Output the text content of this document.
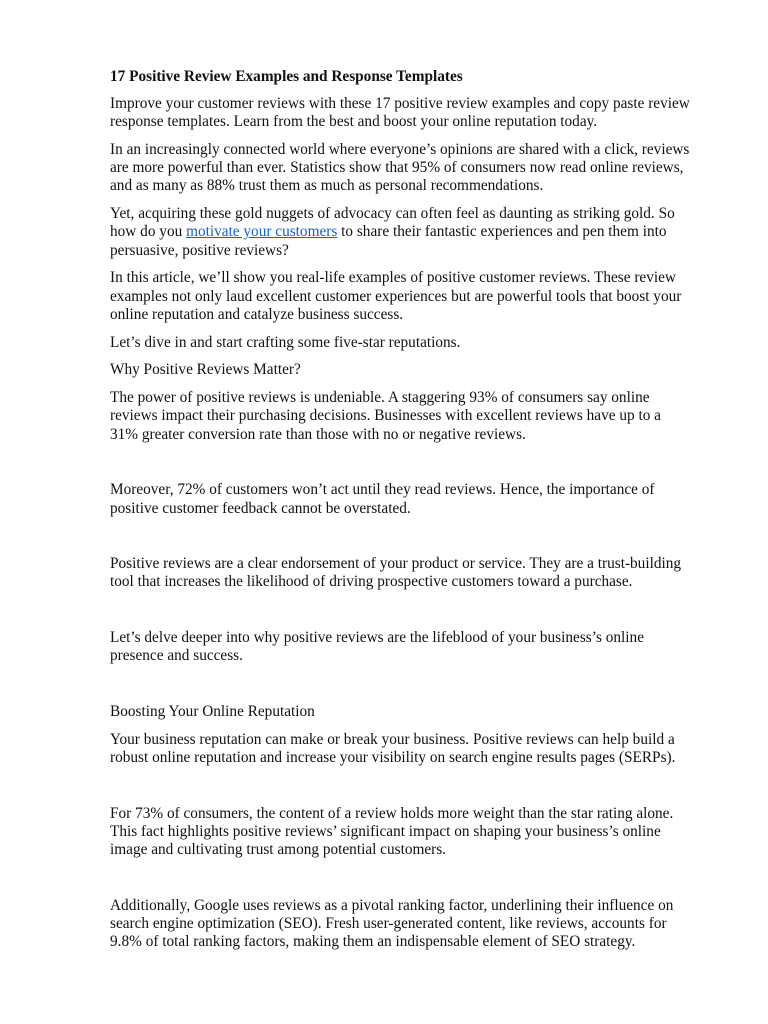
17 Positive Review Examples and Response Templates
Improve your customer reviews with these 17 positive review examples and copy paste review response templates. Learn from the best and boost your online reputation today.
In an increasingly connected world where everyone’s opinions are shared with a click, reviews are more powerful than ever. Statistics show that 95% of consumers now read online reviews, and as many as 88% trust them as much as personal recommendations.
Yet, acquiring these gold nuggets of advocacy can often feel as daunting as striking gold. So how do you motivate your customers to share their fantastic experiences and pen them into persuasive, positive reviews?
In this article, we’ll show you real-life examples of positive customer reviews. These review examples not only laud excellent customer experiences but are powerful tools that boost your online reputation and catalyze business success.
Let’s dive in and start crafting some five-star reputations.
Why Positive Reviews Matter?
The power of positive reviews is undeniable. A staggering 93% of consumers say online reviews impact their purchasing decisions. Businesses with excellent reviews have up to a 31% greater conversion rate than those with no or negative reviews.
Moreover, 72% of customers won’t act until they read reviews. Hence, the importance of positive customer feedback cannot be overstated.
Positive reviews are a clear endorsement of your product or service. They are a trust-building tool that increases the likelihood of driving prospective customers toward a purchase.
Let’s delve deeper into why positive reviews are the lifeblood of your business’s online presence and success.
Boosting Your Online Reputation
Your business reputation can make or break your business. Positive reviews can help build a robust online reputation and increase your visibility on search engine results pages (SERPs).
For 73% of consumers, the content of a review holds more weight than the star rating alone. This fact highlights positive reviews’ significant impact on shaping your business’s online image and cultivating trust among potential customers.
Additionally, Google uses reviews as a pivotal ranking factor, underlining their influence on search engine optimization (SEO). Fresh user-generated content, like reviews, accounts for 9.8% of total ranking factors, making them an indispensable element of SEO strategy.
